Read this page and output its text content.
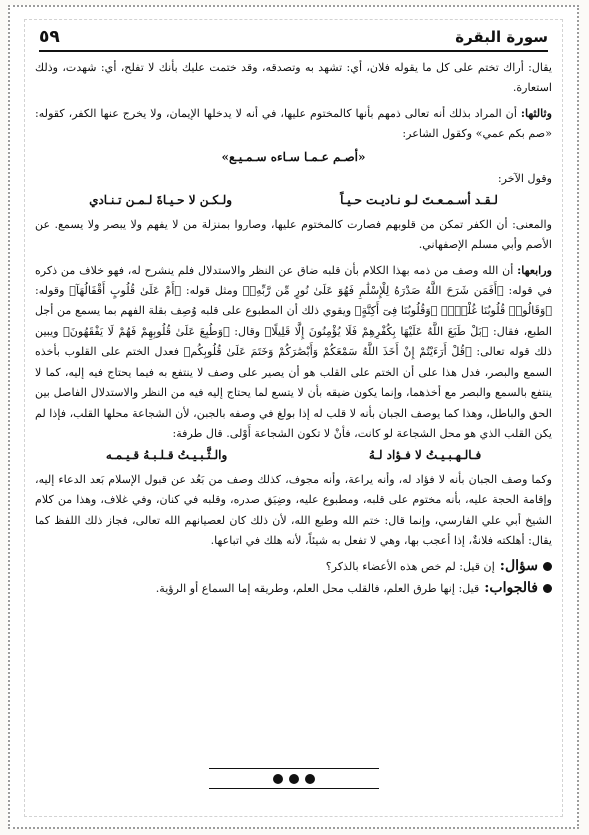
سورة البقرة
٥٩

يقال: أراك تختم على كل ما يقوله فلان، أي: تشهد به وتصدقه، وقد ختمت عليك بأنك لا تفلح، أي: شهدت، وذلك استعارة.

وثالثها: أن المراد بذلك أنه تعالى ذمهم بأنها كالمختوم عليها، في أنه لا يدخلها الإيمان، ولا يخرج عنها الكفر، كقوله: «صم بكم عمي» وكقول الشاعر:

«أصـم عـمـا سـاءه سـمـيـع»

وقول الآخر:

لـقـد أسـمـعـتَ لـو نـاديـت حـيـاً
ولـكـن لا حـيـاةَ لـمـن تـنـادي

والمعنى: أن الكفر تمكن من قلوبهم فصارت كالمختوم عليها، وصاروا بمنزلة من لا يفهم ولا يبصر ولا يسمع. عن الأصم وأبي مسلم الإصفهاني.

ورابعها: أن الله وصف من ذمه بهذا الكلام بأن قلبه ضاق عن النظر والاستدلال فلم ينشرح له، فهو خلاف من ذكره في قوله: ﴿أَفَمَن شَرَحَ اللَّهُ صَدْرَهُ لِلْإِسْلَٰمِ فَهُوَ عَلَىٰ نُورٍ مِّن رَّبِّهِۦ﴾ ومثل قوله: ﴿أَمْ عَلَىٰ قُلُوبٍ أَقْفَالُهَآ﴾ وقوله: ﴿وَقَالُوا۟ قُلُوبُنَا غُلْفٌۢ﴾ ﴿وَقُلُوبُنَا فِىٓ أَكِنَّةٍ﴾ ويقوي ذلك أن المطبوع على قلبه وُصِف بقلة الفهم بما يسمع من أجل الطبع، فقال: ﴿بَلْ طَبَعَ اللَّهُ عَلَيْهَا بِكُفْرِهِمْ فَلَا يُؤْمِنُونَ إِلَّا قَلِيلًا﴾ وقال: ﴿وَطُبِعَ عَلَىٰ قُلُوبِهِمْ فَهُمْ لَا يَفْقَهُونَ﴾ ويبين ذلك قوله تعالى: ﴿قُلْ أَرَءَيْتُمْ إِنْ أَخَذَ اللَّهُ سَمْعَكُمْ وَأَبْصَٰرَكُمْ وَخَتَمَ عَلَىٰ قُلُوبِكُم﴾ فعدل الختم على القلوب بأخذه السمع والبصر، فدل هذا على أن الختم على القلب هو أن يصير على وصف لا ينتفع به فيما يحتاج فيه إليه، كما لا ينتفع بالسمع والبصر مع أخذهما، وإنما يكون ضيقه بأن لا يتسع لما يحتاج إليه فيه من النظر والاستدلال الفاصل بين الحق والباطل، وهذا كما يوصف الجبان بأنه لا قلب له إذا بولغ في وصفه بالجبن، لأن الشجاعة محلها القلب، فإذا لم يكن القلب الذي هو محل الشجاعة لو كانت، فأنْ لا تكون الشجاعة أَوْلى. قال طرفة:

فـالـهـبـيـتُ لا فـؤاد لـهُ
والـثَّـبـيـتُ قـلـبـهُ قـيـمـه

وكما وصف الجبان بأنه لا فؤاد له، وأنه يراعة، وأنه مجوف، كذلك وصف من بَعُد عن قبول الإسلام بَعد الدعاء إليه، وإقامة الحجة عليه، بأنه مختوم على قلبه، ومطبوع عليه، وضِيَق صدره، وقلبه في كنان، وفي غلاف، وهذا من كلام الشيخ أبي علي الفارسي، وإنما قال: ختم الله وطبع الله، لأن ذلك كان لعصيانهم الله تعالى، فجاز ذلك اللفظ كما يقال: أهلكته فلانةٌ، إذا أعجب بها، وهي لا تفعل به شيئاً، لأنه هلك في اتباعها.

سؤال:
إن قيل: لم خص هذه الأعضاء بالذكر؟
فالجواب:
قيل: إنها طرق العلم، فالقلب محل العلم، وطريقه إما السماع أو الرؤية.
